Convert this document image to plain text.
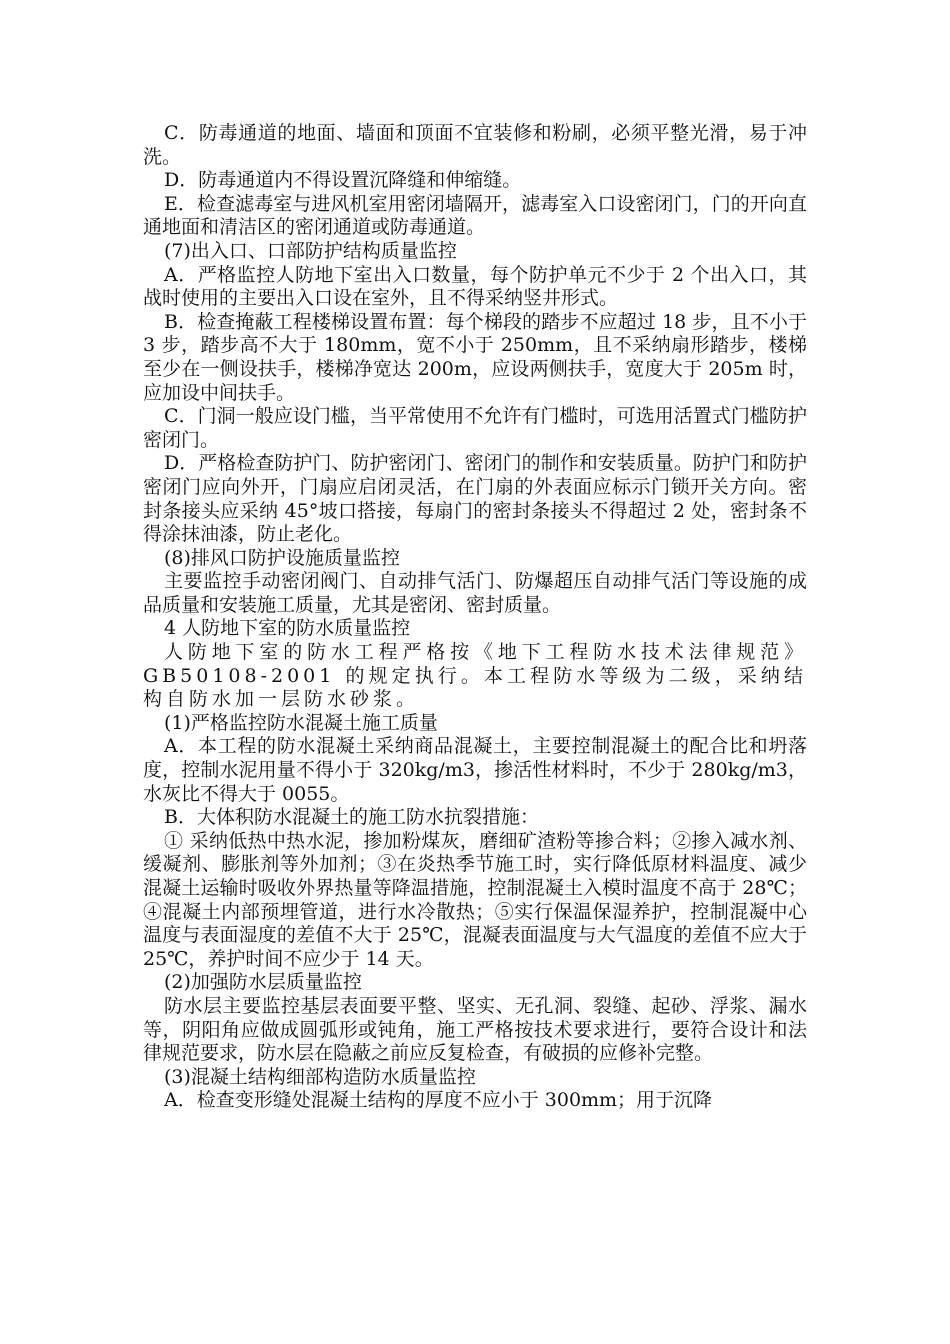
C．防毒通道的地面、墙面和顶面不宜装修和粉刷，必须平整光滑，易于冲洗。

D．防毒通道内不得设置沉降缝和伸缩缝。

E．检查滤毒室与进风机室用密闭墙隔开，滤毒室入口设密闭门，门的开向直通地面和清洁区的密闭通道或防毒通道。

(7)出入口、口部防护结构质量监控

A．严格监控人防地下室出入口数量，每个防护单元不少于 2 个出入口，其战时使用的主要出入口设在室外，且不得采纳竖井形式。

B．检查掩蔽工程楼梯设置布置：每个梯段的踏步不应超过 18 步，且不小于 3 步，踏步高不大于 180mm，宽不小于 250mm，且不采纳扇形踏步，楼梯至少在一侧设扶手，楼梯净宽达 200m，应设两侧扶手，宽度大于 205m 时，应加设中间扶手。

C．门洞一般应设门槛，当平常使用不允许有门槛时，可选用活置式门槛防护密闭门。

D．严格检查防护门、防护密闭门、密闭门的制作和安装质量。防护门和防护密闭门应向外开，门扇应启闭灵活，在门扇的外表面应标示门锁开关方向。密封条接头应采纳 45°坡口搭接，每扇门的密封条接头不得超过 2 处，密封条不得涂抹油漆，防止老化。

(8)排风口防护设施质量监控

主要监控手动密闭阀门、自动排气活门、防爆超压自动排气活门等设施的成品质量和安装施工质量，尤其是密闭、密封质量。

4 人防地下室的防水质量监控

人防地下室的防水工程严格按《地下工程防水技术法律规范》GB50108-2001 的规定执行。本工程防水等级为二级，采纳结构自防水加一层防水砂浆。

(1)严格监控防水混凝土施工质量

A．本工程的防水混凝土采纳商品混凝土，主要控制混凝土的配合比和坍落度，控制水泥用量不得小于 320kg/m3，掺活性材料时，不少于 280kg/m3，水灰比不得大于 0055。

B．大体积防水混凝土的施工防水抗裂措施：

① 采纳低热中热水泥，掺加粉煤灰，磨细矿渣粉等掺合料；②掺入减水剂、缓凝剂、膨胀剂等外加剂；③在炎热季节施工时，实行降低原材料温度、减少混凝土运输时吸收外界热量等降温措施，控制混凝土入模时温度不高于 28℃；④混凝土内部预埋管道，进行水冷散热；⑤实行保温保湿养护，控制混凝中心温度与表面湿度的差值不大于 25℃，混凝表面温度与大气温度的差值不应大于 25℃，养护时间不应少于 14 天。

(2)加强防水层质量监控

防水层主要监控基层表面要平整、坚实、无孔洞、裂缝、起砂、浮浆、漏水等，阴阳角应做成圆弧形或钝角，施工严格按技术要求进行，要符合设计和法律规范要求，防水层在隐蔽之前应反复检查，有破损的应修补完整。

(3)混凝土结构细部构造防水质量监控

A．检查变形缝处混凝土结构的厚度不应小于 300mm；用于沉降
